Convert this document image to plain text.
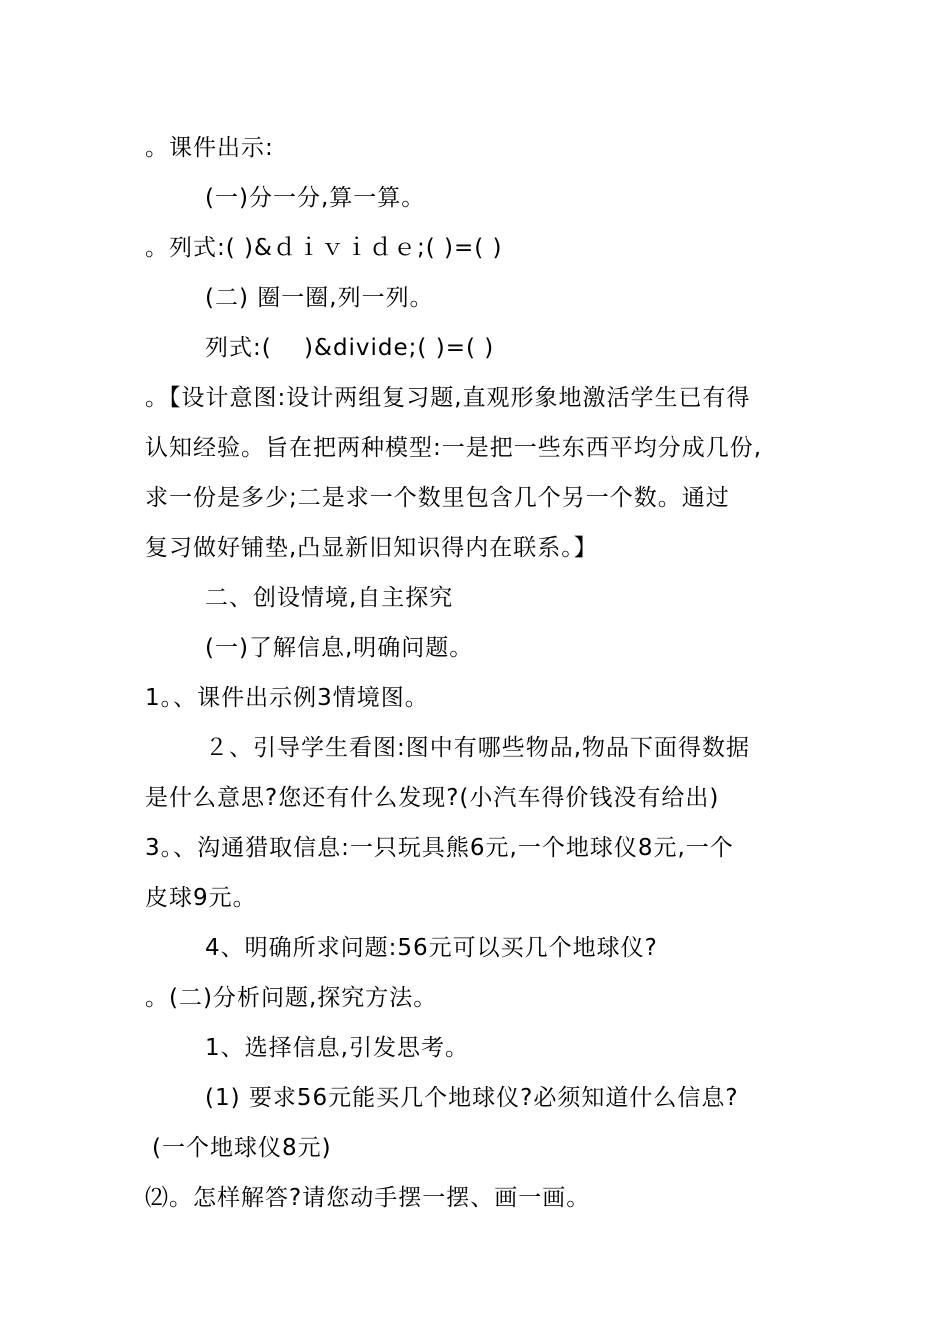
。课件出示:
(一)分一分,算一算。
。列式:( )&ｄｉｖｉｄｅ;( )=( )
(二) 圈一圈,列一列。
列式:(　 )&divide;( )=( )
。【设计意图:设计两组复习题,直观形象地激活学生已有得
认知经验。旨在把两种模型:一是把一些东西平均分成几份,
求一份是多少;二是求一个数里包含几个另一个数。通过
复习做好铺垫,凸显新旧知识得内在联系。】
二、创设情境,自主探究
(一)了解信息,明确问题。
1。、课件出示例3情境图。
２、引导学生看图:图中有哪些物品,物品下面得数据
是什么意思?您还有什么发现?(小汽车得价钱没有给出)
3。、沟通猎取信息:一只玩具熊6元,一个地球仪8元,一个
皮球9元。
4、明确所求问题:56元可以买几个地球仪?
。(二)分析问题,探究方法。
1、选择信息,引发思考。
(1) 要求56元能买几个地球仪?必须知道什么信息?
(一个地球仪8元)
⑵。怎样解答?请您动手摆一摆、画一画。
